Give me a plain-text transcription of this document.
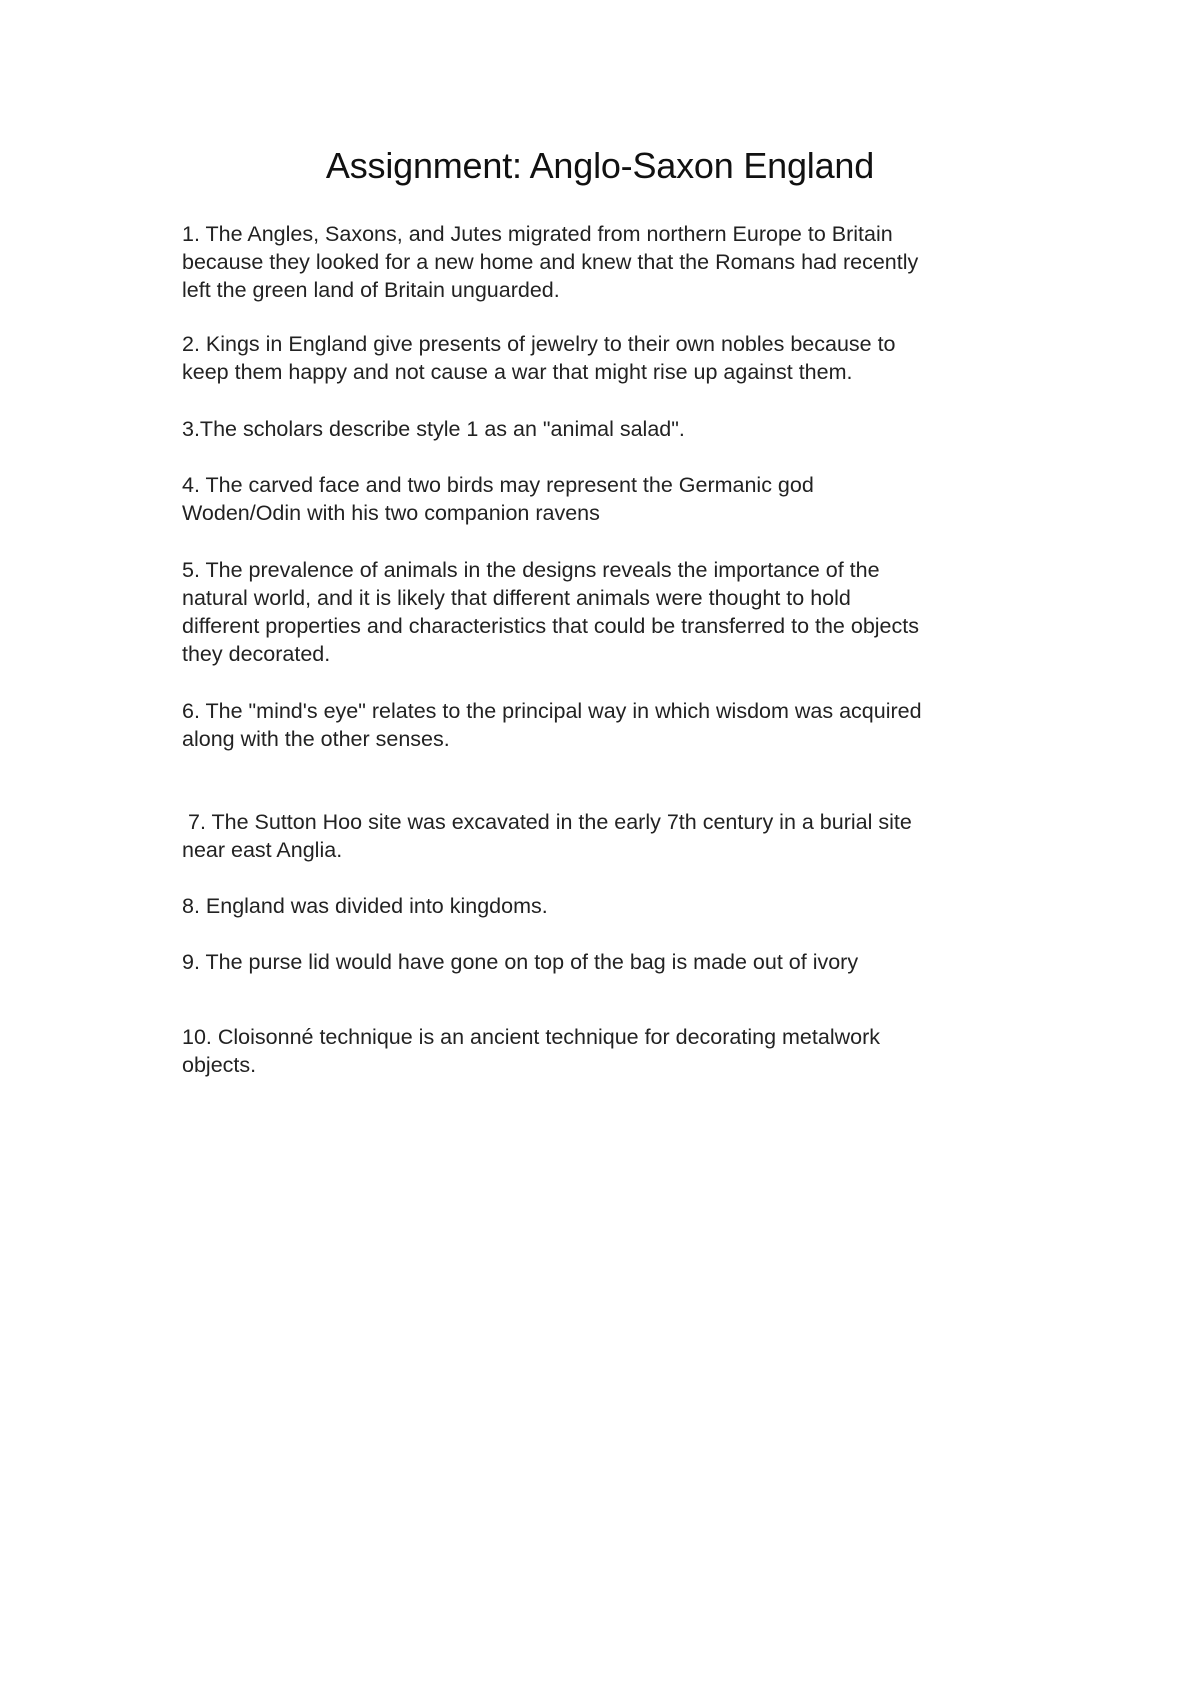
Assignment: Anglo-Saxon England

1. The Angles, Saxons, and Jutes migrated from northern Europe to Britain
because they looked for a new home and knew that the Romans had recently
left the green land of Britain unguarded.

2. Kings in England give presents of jewelry to their own nobles because to
keep them happy and not cause a war that might rise up against them.

3.The scholars describe style 1 as an "animal salad".

4. The carved face and two birds may represent the Germanic god
Woden/Odin with his two companion ravens

5. The prevalence of animals in the designs reveals the importance of the
natural world, and it is likely that different animals were thought to hold
different properties and characteristics that could be transferred to the objects
they decorated.

6. The "mind's eye" relates to the principal way in which wisdom was acquired
along with the other senses.

7. The Sutton Hoo site was excavated in the early 7th century in a burial site
near east Anglia.

8. England was divided into kingdoms.

9. The purse lid would have gone on top of the bag is made out of ivory

10. Cloisonné technique is an ancient technique for decorating metalwork
objects.
